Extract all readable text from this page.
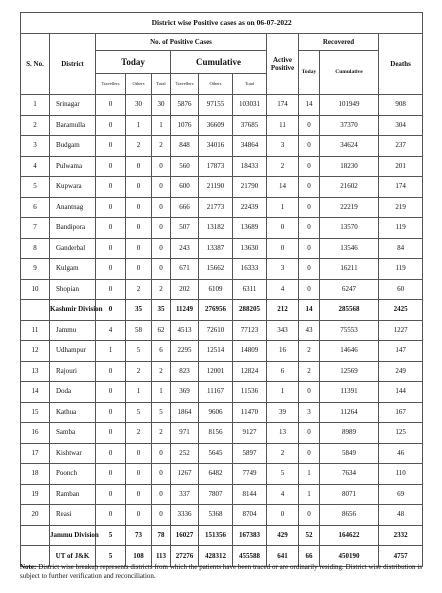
District wise Positive cases as on 06-07-2022											
S. No.	District	No. of Positive Cases						Active Positive	Recovered		Deaths
		Today			Cumulative				Today	Cumulative	
		Travellers	Others	Total	Travellers	Others	Total				
1	Srinagar	0	30	30	5876	97155	103031	174	14	101949	908
2	Baramulla	0	1	1	1076	36609	37685	11	0	37370	304
3	Budgam	0	2	2	848	34016	34864	3	0	34624	237
4	Pulwama	0	0	0	560	17873	18433	2	0	18230	201
5	Kupwara	0	0	0	600	21190	21790	14	0	21602	174
6	Anantnag	0	0	0	666	21773	22439	1	0	22219	219
7	Bandipora	0	0	0	507	13182	13689	0	0	13570	119
8	Ganderbal	0	0	0	243	13387	13630	0	0	13546	84
9	Kulgam	0	0	0	671	15662	16333	3	0	16211	119
10	Shopian	0	2	2	202	6109	6311	4	0	6247	60
	Kashmir Division	0	35	35	11249	276956	288205	212	14	285568	2425
11	Jammu	4	58	62	4513	72610	77123	343	43	75553	1227
12	Udhampur	1	5	6	2295	12514	14809	16	2	14646	147
13	Rajouri	0	2	2	823	12001	12824	6	2	12569	249
14	Doda	0	1	1	369	11167	11536	1	0	11391	144
15	Kathua	0	5	5	1864	9606	11470	39	3	11264	167
16	Samba	0	2	2	971	8156	9127	13	0	8989	125
17	Kishtwar	0	0	0	252	5645	5897	2	0	5849	46
18	Poonch	0	0	0	1267	6482	7749	5	1	7634	110
19	Ramban	0	0	0	337	7807	8144	4	1	8071	69
20	Reasi	0	0	0	3336	5368	8704	0	0	8656	48
	Jammu Division	5	73	78	16027	151356	167383	429	52	164622	2332
	UT of J&K	5	108	113	27276	428312	455588	641	66	450190	4757
Note: District wise breakup represents districts from which the patients have been traced or are ordinarily residing. District wise distribution is subject to further verification and reconciliation.
